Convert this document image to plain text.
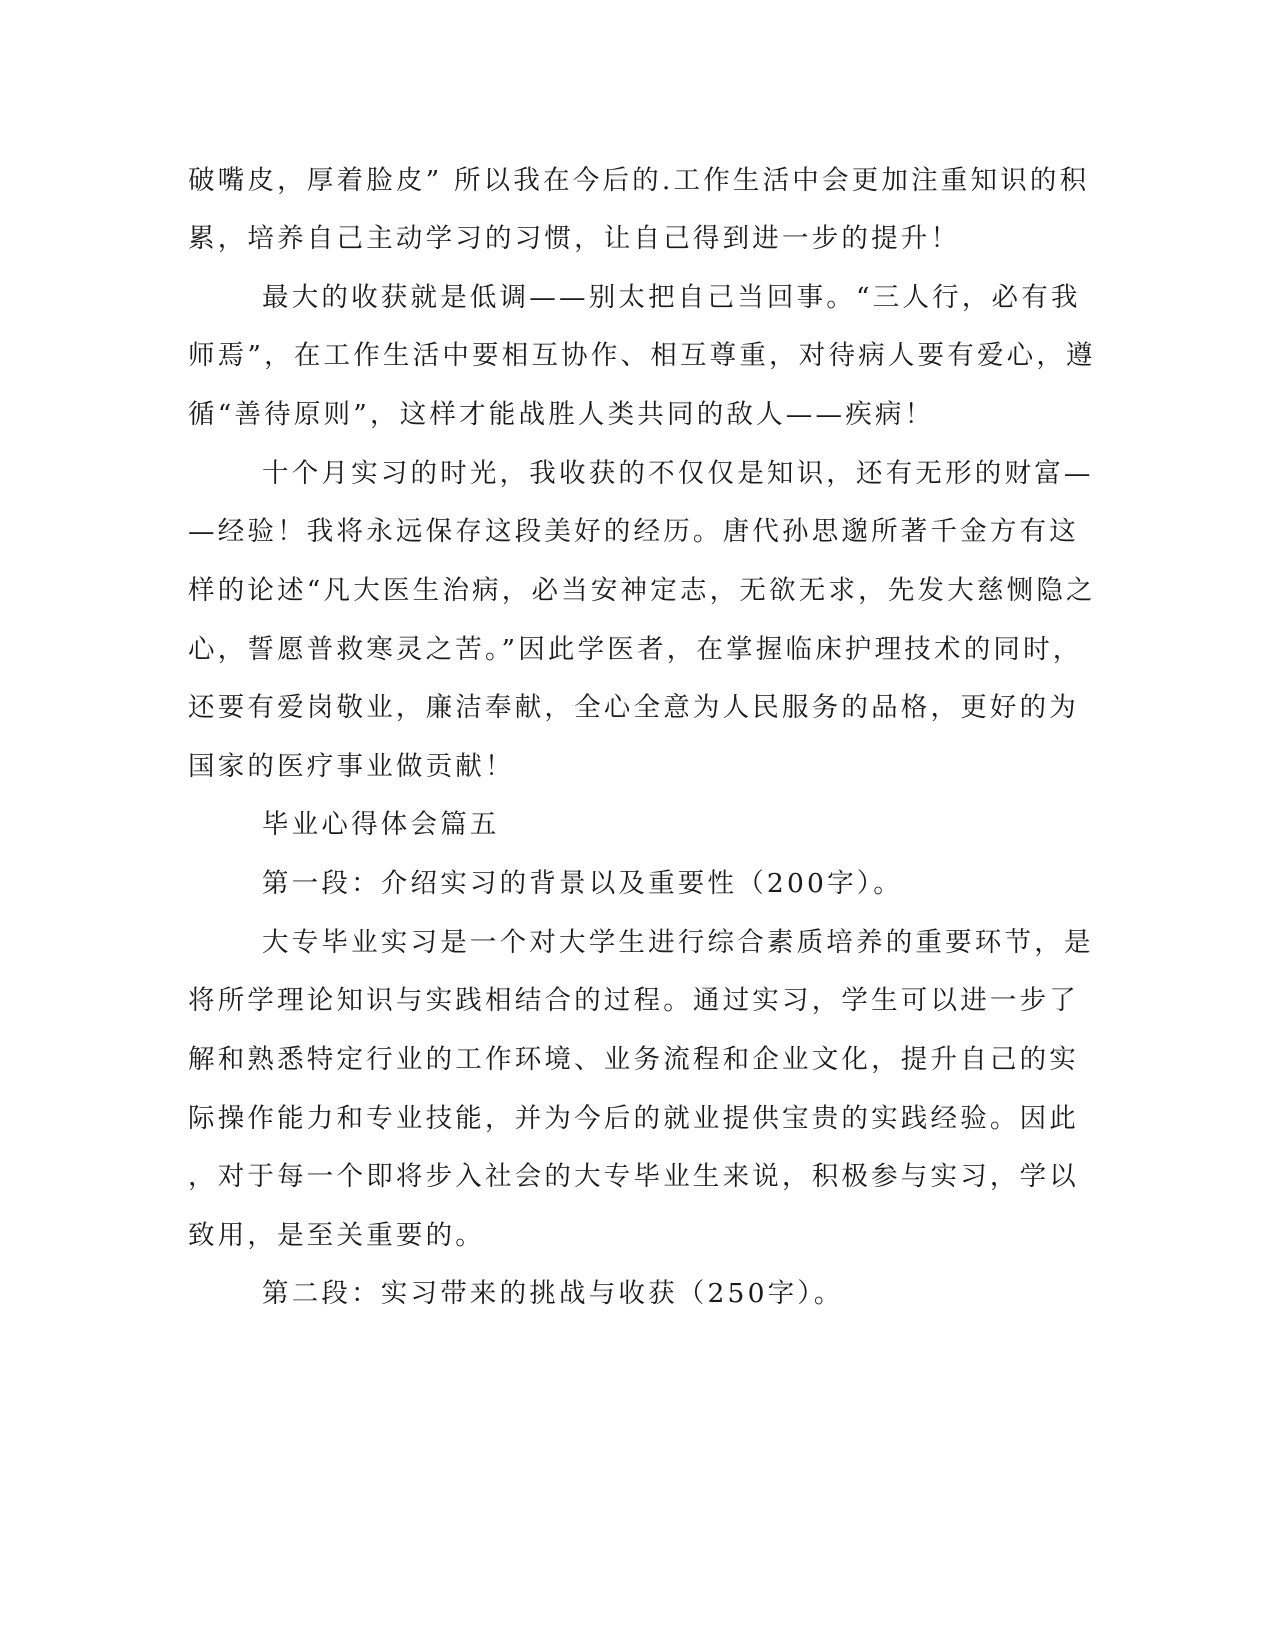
破嘴皮，厚着脸皮” 所以我在今后的.工作生活中会更加注重知识的积
累，培养自己主动学习的习惯，让自己得到进一步的提升！
最大的收获就是低调——别太把自己当回事。“三人行，必有我
师焉”，在工作生活中要相互协作、相互尊重，对待病人要有爱心，遵
循“善待原则”，这样才能战胜人类共同的敌人——疾病！
十个月实习的时光，我收获的不仅仅是知识，还有无形的财富—
—经验！我将永远保存这段美好的经历。唐代孙思邈所著千金方有这
样的论述“凡大医生治病，必当安神定志，无欲无求，先发大慈恻隐之
心，誓愿普救寒灵之苦。”因此学医者，在掌握临床护理技术的同时，
还要有爱岗敬业，廉洁奉献，全心全意为人民服务的品格，更好的为
国家的医疗事业做贡献！
毕业心得体会篇五
第一段：介绍实习的背景以及重要性（200字）。
大专毕业实习是一个对大学生进行综合素质培养的重要环节，是
将所学理论知识与实践相结合的过程。通过实习，学生可以进一步了
解和熟悉特定行业的工作环境、业务流程和企业文化，提升自己的实
际操作能力和专业技能，并为今后的就业提供宝贵的实践经验。因此
，对于每一个即将步入社会的大专毕业生来说，积极参与实习，学以
致用，是至关重要的。
第二段：实习带来的挑战与收获（250字）。
